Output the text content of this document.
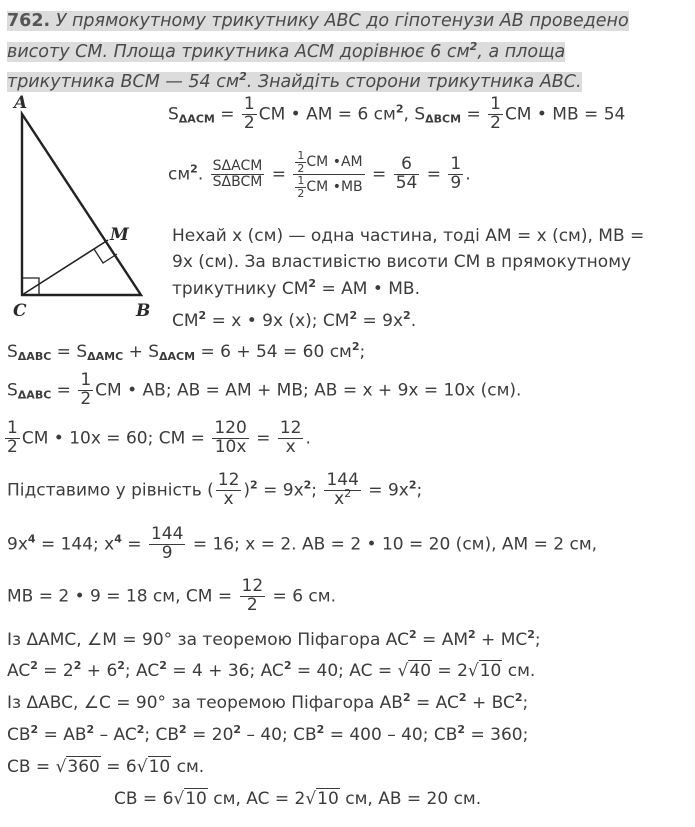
762. У прямокутному трикутнику ABC до гіпотенузи AB проведено
висоту CM. Площа трикутника ACM дорівнює 6 $см^2$, а площа
трикутника BCM — 54 $см^2$. Знайдіть сторони трикутника ABC.
A
C	B
M
$S_{\Delta ACM} = \frac{1}{2}$ CM • AM = 6 $см^2$, $S_{\Delta BCM} = \frac{1}{2}$ CM • MB = 54
$см^2$. $\frac{\text{SΔACM}}{\text{SΔBCM}} = \frac{\frac{1}{2} CM •AM}{\frac{1}{2} CM •MB} = \frac{6}{54} = \frac{1}{9}$ .
Нехай x (см) — одна частина, тоді AM = x (см), MB =
9x (см). За властивістю висоти CM в прямокутному
трикутнику $CM^2$ = AM • MB.
$CM^2 = x$ • 9x (x); $CM^2 = 9x^2$.
$S_{\Delta ABC} = S_{\Delta AMC} + S_{\Delta ACM} = 6 + 54 = 60$ $см^2$;
$S_{\Delta ABC} = \frac{1}{2}$ CM • AB; AB = AM + MB; AB = x + 9x = 10x (см).
$\frac{1}{2}$ CM • 10x = 60; CM = $\frac{120}{10x} = \frac{12}{x}$ .
Підставимо у рівність ( $\frac{12}{x} )^2 = 9x^2$; $\frac{144}{x^2} = 9x^2$;
$9x^4 = 144$; $x^4 = \frac{144}{9} = 16$; x = 2. AB = 2 • 10 = 20 (см), AM = 2 см,
MB = 2 • 9 = 18 см, CM = $\frac{12}{2} = 6$ см.
Із ΔAMC, ∠M = 90° за теоремою Піфагора $AC^2 = AM^2 + MC^2$;
$AC^2 = 2^2 + 6^2$; $AC^2 = 4 + 36$; $AC^2 = 40$; AC = √40 = 2√10 см.
Із ΔABC, ∠C = 90° за теоремою Піфагора $AB^2 = AC^2 + BC^2$;
$CB^2 = AB^2 - AC^2$; $CB^2 = 20^2 - 40$; $CB^2 = 400 - 40$; $CB^2 = 360$;
CB = √360 = 6√10 см.
CB = 6√10 см, AC = 2√10 см, AB = 20 см.
